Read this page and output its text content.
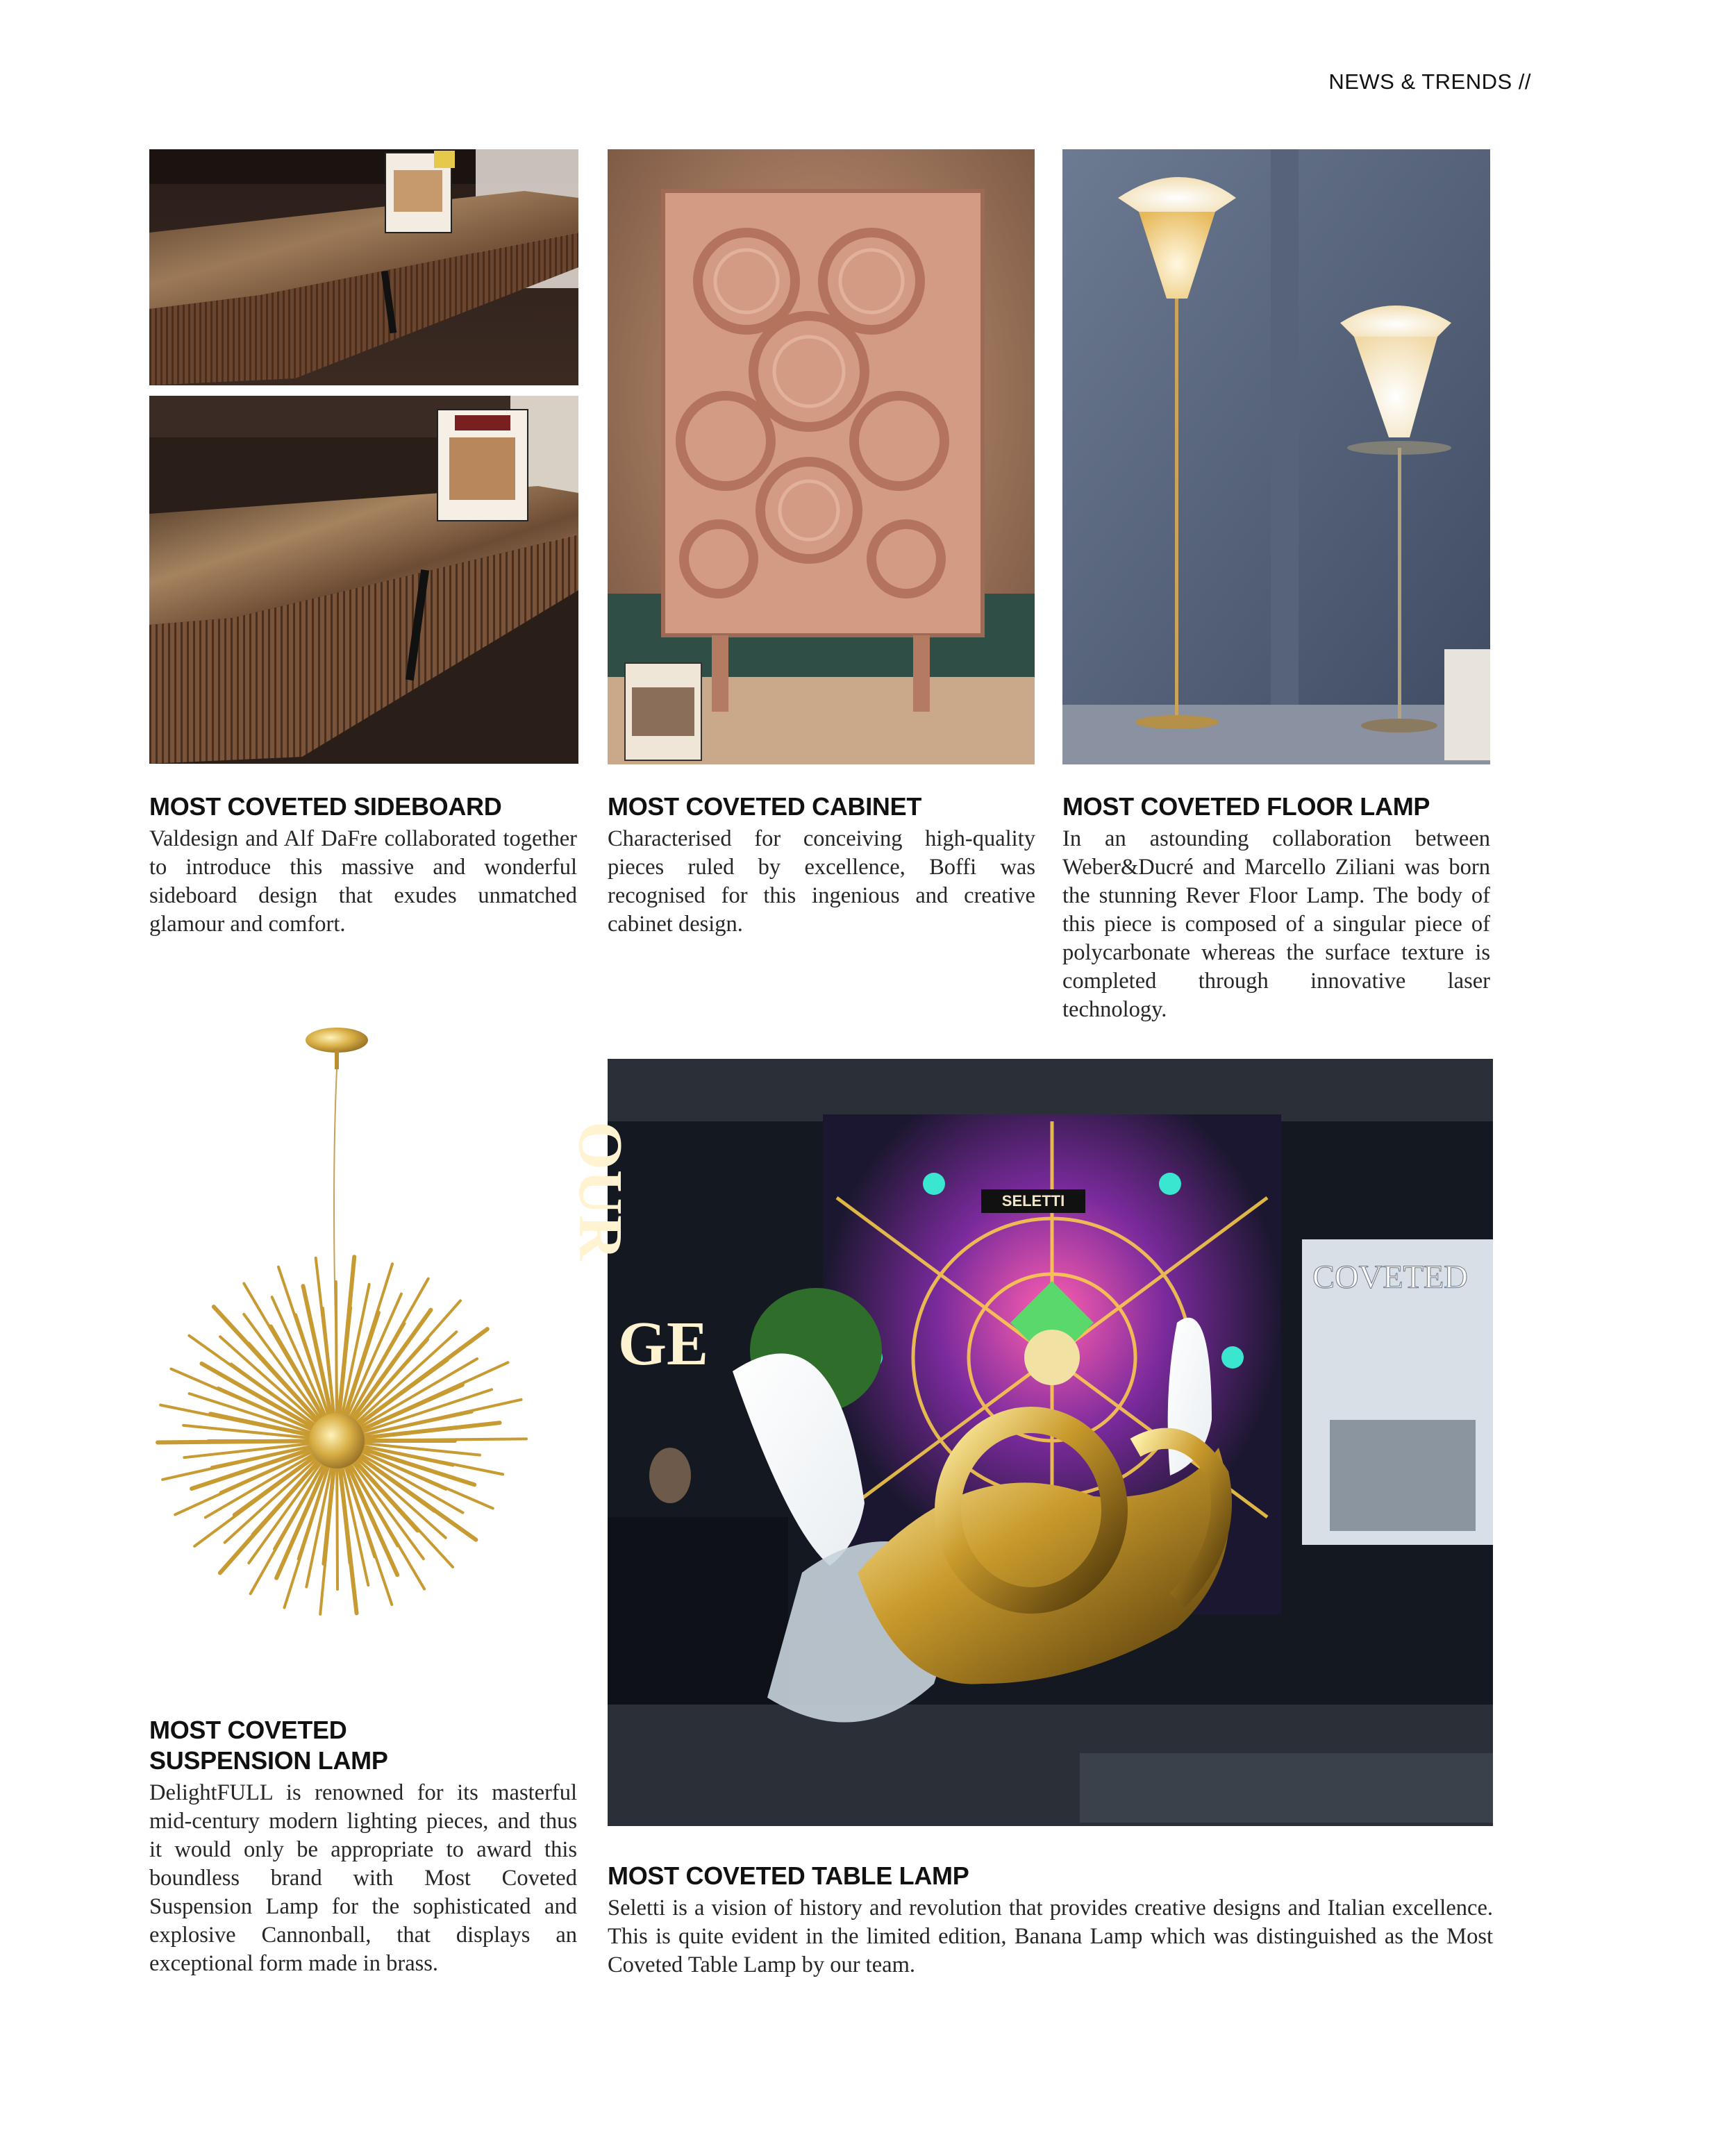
NEWS & TRENDS //
MOST COVETED SIDEBOARD

Valdesign and Alf DaFre collaborated together to introduce this massive and wonderful sideboard design that exudes unmatched glamour and comfort.

MOST COVETED CABINET

Characterised for conceiving high-quality pieces ruled by excellence, Boffi was recognised for this ingenious and creative cabinet design.

MOST COVETED FLOOR LAMP

In an astounding collaboration between Weber&Ducré and Marcello Ziliani was born the stunning Rever Floor Lamp. The body of this piece is composed of a singular piece of polycarbonate whereas the surface texture is completed through innovative laser technology.

MOST COVETED
SUSPENSION LAMP

DelightFULL is renowned for its masterful mid-century modern lighting pieces, and thus it would only be appropriate to award this boundless brand with Most Coveted Suspension Lamp for the sophisticated and explosive Cannonball, that displays an exceptional form made in brass.

SELETTI
OUR
GE
COVETED
MOST COVETED TABLE LAMP

Seletti is a vision of history and revolution that provides creative designs and Italian excellence. This is quite evident in the limited edition, Banana Lamp which was distinguished as the Most Coveted Table Lamp by our team.
